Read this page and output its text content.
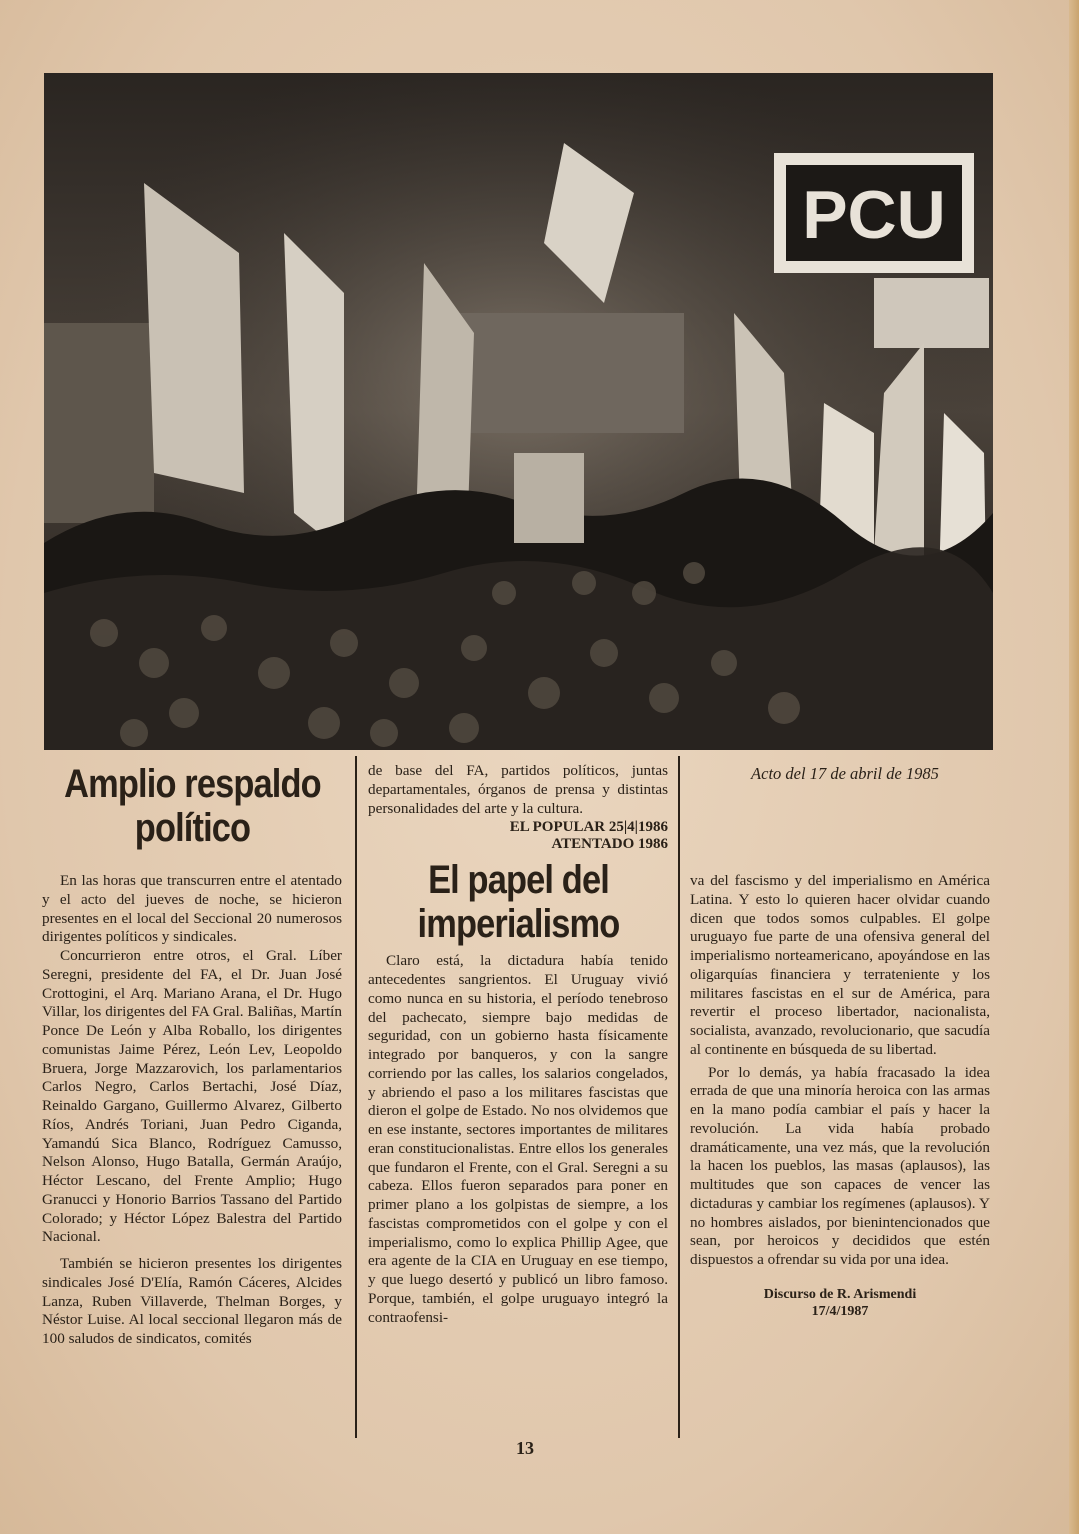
PCU
Acto del 17 de abril de 1985
Amplio respaldo político

En las horas que transcurren entre el atentado y el acto del jueves de noche, se hicieron presentes en el local del Seccional 20 numerosos dirigentes políticos y sindicales.

Concurrieron entre otros, el Gral. Líber Seregni, presidente del FA, el Dr. Juan José Crottogini, el Arq. Mariano Arana, el Dr. Hugo Villar, los dirigentes del FA Gral. Baliñas, Martín Ponce De León y Alba Roballo, los dirigentes comunistas Jaime Pérez, León Lev, Leopoldo Bruera, Jorge Mazzarovich, los parlamentarios Carlos Negro, Carlos Bertachi, José Díaz, Reinaldo Gargano, Guillermo Alvarez, Gilberto Ríos, Andrés Toriani, Juan Pedro Ciganda, Yamandú Sica Blanco, Rodríguez Camusso, Nelson Alonso, Hugo Batalla, Germán Araújo, Héctor Lescano, del Frente Amplio; Hugo Granucci y Honorio Barrios Tassano del Partido Colorado; y Héctor López Balestra del Partido Nacional.

También se hicieron presentes los dirigentes sindicales José D'Elía, Ramón Cáceres, Alcides Lanza, Ruben Villaverde, Thelman Borges, y Néstor Luise. Al local seccional llegaron más de 100 saludos de sindicatos, comités

de base del FA, partidos políticos, juntas departamentales, órganos de prensa y distintas personalidades del arte y la cultura.

EL POPULAR 25|4|1986
ATENTADO 1986
El papel del imperialismo

Claro está, la dictadura había tenido antecedentes sangrientos. El Uruguay vivió como nunca en su historia, el período tenebroso del pachecato, siempre bajo medidas de seguridad, con un gobierno hasta físicamente integrado por banqueros, y con la sangre corriendo por las calles, los salarios congelados, y abriendo el paso a los militares fascistas que dieron el golpe de Estado. No nos olvidemos que en ese instante, sectores importantes de militares eran constitucionalistas. Entre ellos los generales que fundaron el Frente, con el Gral. Seregni a su cabeza. Ellos fueron separados para poner en primer plano a los golpistas de siempre, a los fascistas comprometidos con el golpe y con el imperialismo, como lo explica Phillip Agee, que era agente de la CIA en Uruguay en ese tiempo, y que luego desertó y publicó un libro famoso. Porque, también, el golpe uruguayo integró la contraofensi-

va del fascismo y del imperialismo en América Latina. Y esto lo quieren hacer olvidar cuando dicen que todos somos culpables. El golpe uruguayo fue parte de una ofensiva general del imperialismo norteamericano, apoyándose en las oligarquías financiera y terrateniente y los militares fascistas en el sur de América, para revertir el proceso libertador, nacionalista, socialista, avanzado, revolucionario, que sacudía al continente en búsqueda de su libertad.

Por lo demás, ya había fracasado la idea errada de que una minoría heroica con las armas en la mano podía cambiar el país y hacer la revolución. La vida había probado dramáticamente, una vez más, que la revolución la hacen los pueblos, las masas (aplausos), las multitudes que son capaces de vencer las dictaduras y cambiar los regímenes (aplausos). Y no hombres aislados, por bienintencionados que sean, por heroicos y decididos que estén dispuestos a ofrendar su vida por una idea.

Discurso de R. Arismendi
17/4/1987
13
